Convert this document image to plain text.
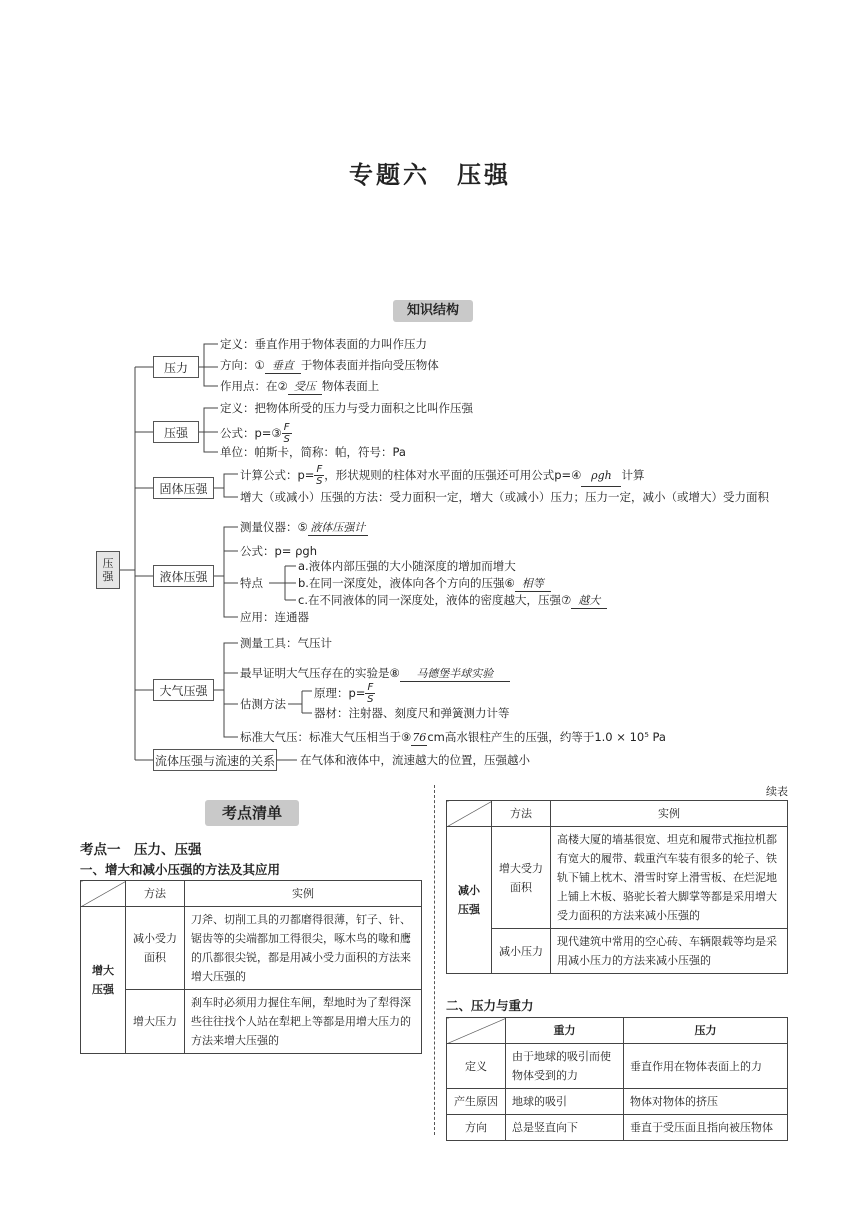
专题六　压强
知识结构
压强
压力
压强
固体压强
液体压强
大气压强
流体压强与流速的关系
定义：垂直作用于物体表面的力叫作压力
方向：① 垂直 于物体表面并指向受压物体
作用点：在② 受压 物体表面上
定义：把物体所受的压力与受力面积之比叫作压强
公式：p=③ $\frac{F}{S}$
单位：帕斯卡，简称：帕，符号：Pa
计算公式：$p= \frac{F}{S}$ ，形状规则的柱体对水平面的压强还可用公式p=④ ρgh 计算
增大（或减小）压强的方法：受力面积一定，增大（或减小）压力；压力一定，减小（或增大）受力面积
测量仪器：⑤ 液体压强计
公式：p= ρgh
特点
a.液体内部压强的大小随深度的增加而增大
b.在同一深度处，液体向各个方向的压强⑥ 相等
c.在不同液体的同一深度处，液体的密度越大，压强⑦ 越大
应用：连通器
测量工具：气压计
最早证明大气压存在的实验是⑧ 马德堡半球实验
估测方法
原理：$p= \frac{F}{S}$
器材：注射器、刻度尺和弹簧测力计等
标准大气压：标准大气压相当于⑨76cm高水银柱产生的压强，约等于1.0 × 10⁵ Pa
在气体和液体中，流速越大的位置，压强越小
考点清单
考点一　压力、压强
一、增大和减小压强的方法及其应用
	方法	实例
增大压强	减小受力面积	刀斧、切削工具的刃都磨得很薄，钉子、针、锯齿等的尖端都加工得很尖，啄木鸟的喙和鹰的爪都很尖锐，都是用减小受力面积的方法来增大压强的
	增大压力	刹车时必须用力握住车闸，犁地时为了犁得深些往往找个人站在犁耙上等都是用增大压力的方法来增大压强的
续表
	方法	实例
减小压强	增大受力面积	高楼大厦的墙基很宽、坦克和履带式拖拉机都有宽大的履带、载重汽车装有很多的轮子、铁轨下铺上枕木、滑雪时穿上滑雪板、在烂泥地上铺上木板、骆驼长着大脚掌等都是采用增大受力面积的方法来减小压强的
	减小压力	现代建筑中常用的空心砖、车辆限载等均是采用减小压力的方法来减小压强的
二、压力与重力
	重力	压力
定义	由于地球的吸引而使物体受到的力	垂直作用在物体表面上的力
产生原因	地球的吸引	物体对物体的挤压
方向	总是竖直向下	垂直于受压面且指向被压物体
